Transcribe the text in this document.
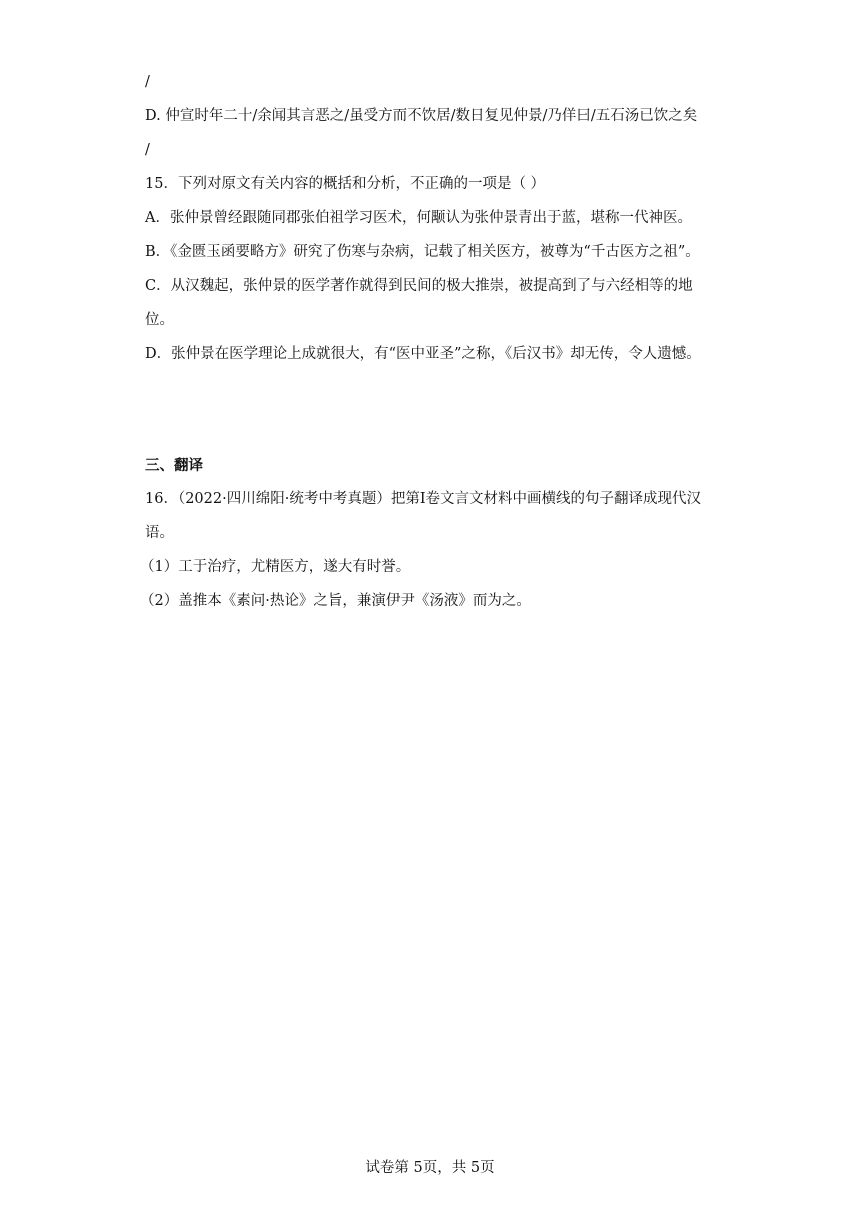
/
D. 仲宣时年二十/余闻其言恶之/虽受方而不饮居/数日复见仲景/乃佯曰/五石汤已饮之矣
/
15．下列对原文有关内容的概括和分析，不正确的一项是（ ）
A．张仲景曾经跟随同郡张伯祖学习医术，何颙认为张仲景青出于蓝，堪称一代神医。
B．《金匮玉函要略方》研究了伤寒与杂病，记载了相关医方，被尊为“千古医方之祖”。
C．从汉魏起，张仲景的医学著作就得到民间的极大推崇，被提高到了与六经相等的地
位。
D．张仲景在医学理论上成就很大，有“医中亚圣”之称，《后汉书》却无传，令人遗憾。
三、翻译
16．（2022·四川绵阳·统考中考真题）把第Ⅰ卷文言文材料中画横线的句子翻译成现代汉
语。
（1）工于治疗，尤精医方，遂大有时誉。
（2）盖推本《素问·热论》之旨，兼演伊尹《汤液》而为之。
试卷第 5页，共 5页
